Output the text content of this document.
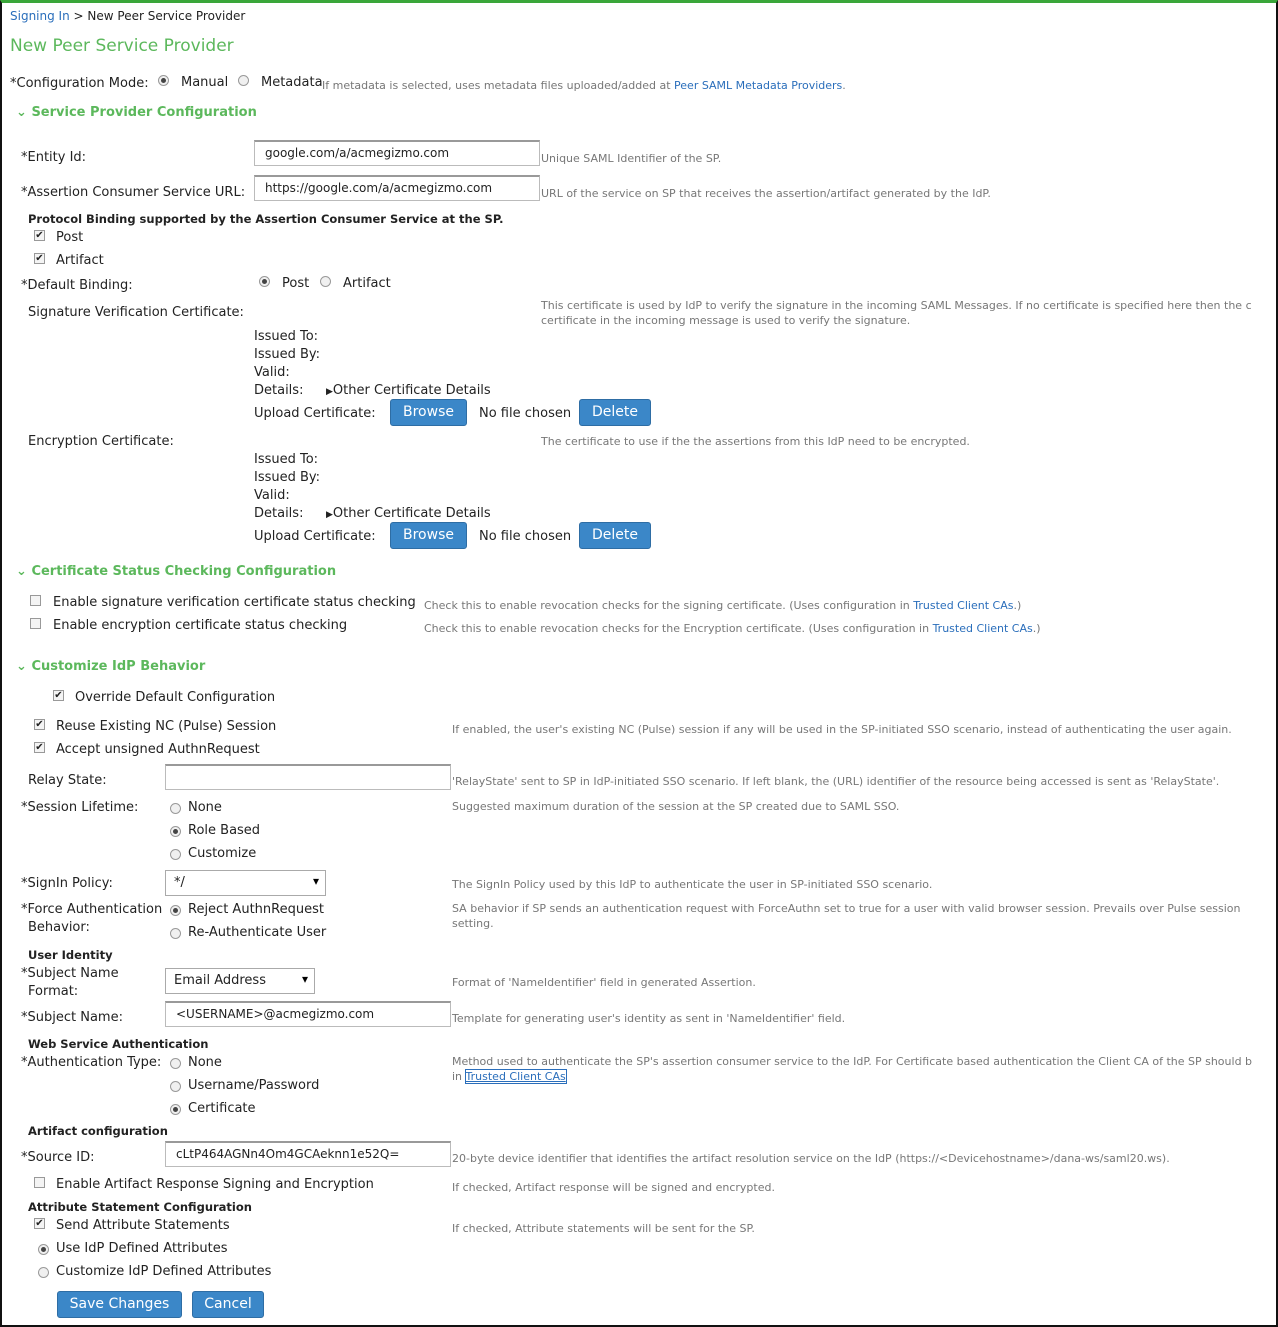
Signing In > New Peer Service Provider
New Peer Service Provider
*Configuration Mode: Manual	Metadata If metadata is selected, uses metadata files uploaded/added at Peer SAML Metadata Providers.
⌄ Service Provider Configuration
*Entity Id:	google.com/a/acmegizmo.com	Unique SAML Identifier of the SP.
*Assertion Consumer Service URL:	https://google.com/a/acmegizmo.com	URL of the service on SP that receives the assertion/artifact generated by the IdP.
Protocol Binding supported by the Assertion Consumer Service at the SP.
✔ Post
✔ Artifact
*Default Binding:	Post	Artifact
Signature Verification Certificate:	This certificate is used by IdP to verify the signature in the incoming SAML Messages. If no certificate is specified here then the c
certificate in the incoming message is used to verify the signature.
Issued To:
Issued By:
Valid:
Details:	▶Other Certificate Details
Upload Certificate:	Browse	No file chosen	Delete
Encryption Certificate:	The certificate to use if the the assertions from this IdP need to be encrypted.
Issued To:
Issued By:
Valid:
Details:	▶Other Certificate Details
Upload Certificate:	Browse	No file chosen	Delete
⌄ Certificate Status Checking Configuration
Enable signature verification certificate status checking Check this to enable revocation checks for the signing certificate. (Uses configuration in Trusted Client CAs.)
Enable encryption certificate status checking	Check this to enable revocation checks for the Encryption certificate. (Uses configuration in Trusted Client CAs.)
⌄ Customize IdP Behavior
✔ Override Default Configuration
✔ Reuse Existing NC (Pulse) Session	If enabled, the user's existing NC (Pulse) session if any will be used in the SP-initiated SSO scenario, instead of authenticating the user again.
✔ Accept unsigned AuthnRequest
Relay State:	'RelayState' sent to SP in IdP-initiated SSO scenario. If left blank, the (URL) identifier of the resource being accessed is sent as 'RelayState'.
*Session Lifetime:	None
Role Based
Customize
Suggested maximum duration of the session at the SP created due to SAML SSO.
*SignIn Policy:	*/ ▾	The SignIn Policy used by this IdP to authenticate the user in SP-initiated SSO scenario.
*Force Authentication
Behavior:
Reject AuthnRequest
Re-Authenticate User
SA behavior if SP sends an authentication request with ForceAuthn set to true for a user with valid browser session. Prevails over Pulse session
setting.
User Identity
*Subject Name
Format:
Email Address ▾	Format of 'NameIdentifier' field in generated Assertion.
*Subject Name:	<USERNAME>@acmegizmo.com	Template for generating user's identity as sent in 'NameIdentifier' field.
Web Service Authentication
*Authentication Type: None
Username/Password
Certificate
Method used to authenticate the SP's assertion consumer service to the IdP. For Certificate based authentication the Client CA of the SP should b
in Trusted Client CAs
Artifact configuration
*Source ID:	cLtP464AGNn4Om4GCAeknn1e52Q=	20-byte device identifier that identifies the artifact resolution service on the IdP (https://<Devicehostname>/dana-ws/saml20.ws).
Enable Artifact Response Signing and Encryption	If checked, Artifact response will be signed and encrypted.
Attribute Statement Configuration
✔ Send Attribute Statements	If checked, Attribute statements will be sent for the SP.
Use IdP Defined Attributes
Customize IdP Defined Attributes
Save Changes	Cancel
